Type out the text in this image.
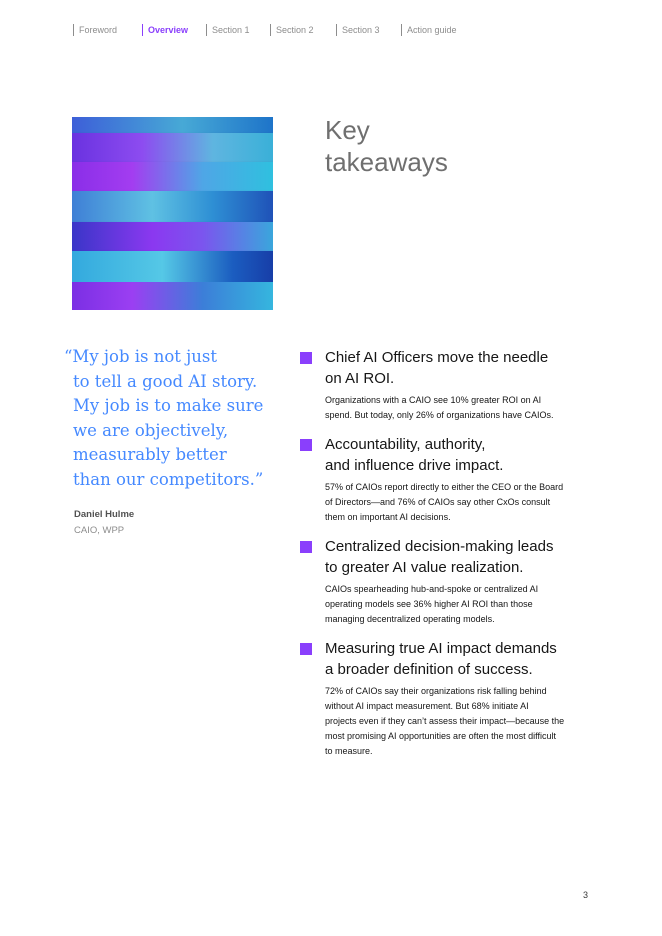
Foreword	Overview	Section 1	Section 2	Section 3	Action guide
Key
takeaways
“My job is not just
to tell a good AI story.
My job is to make sure
we are objectively,
measurably better
than our competitors.”
Daniel Hulme
CAIO, WPP
Chief AI Officers move the needle
on AI ROI.

Organizations with a CAIO see 10% greater ROI on AI
spend. But today, only 26% of organizations have CAIOs.

Accountability, authority,
and influence drive impact.

57% of CAIOs report directly to either the CEO or the Board
of Directors—and 76% of CAIOs say other CxOs consult
them on important AI decisions.

Centralized decision-making leads
to greater AI value realization.

CAIOs spearheading hub-and-spoke or centralized AI
operating models see 36% higher AI ROI than those
managing decentralized operating models.

Measuring true AI impact demands
a broader definition of success.

72% of CAIOs say their organizations risk falling behind
without AI impact measurement. But 68% initiate AI
projects even if they can’t assess their impact—because the
most promising AI opportunities are often the most difficult
to measure.

3
